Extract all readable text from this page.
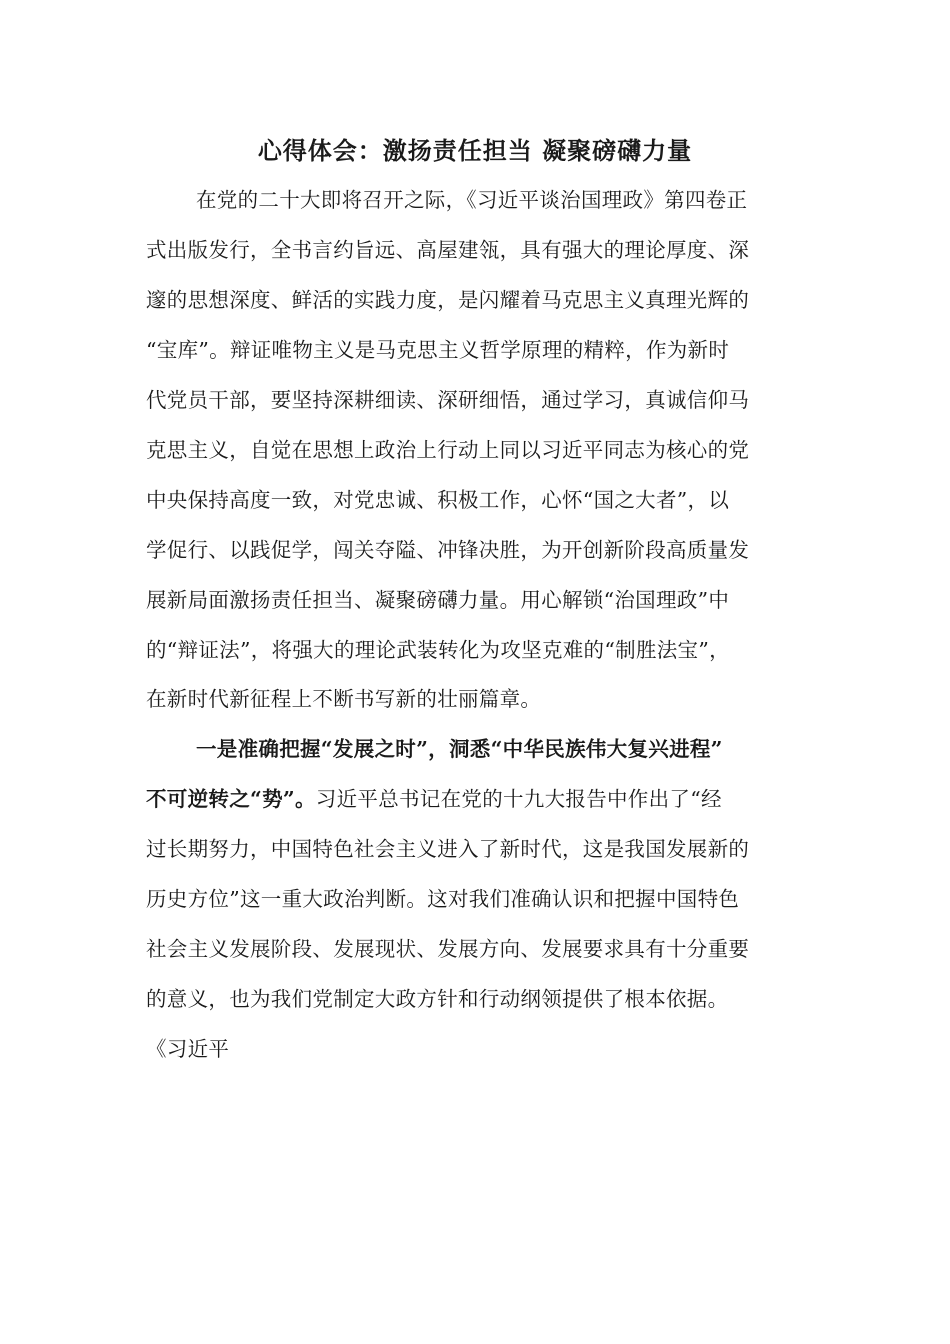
心得体会：激扬责任担当 凝聚磅礴力量

在党的二十大即将召开之际，《习近平谈治国理政》第四卷正

式出版发行，全书言约旨远、高屋建瓴，具有强大的理论厚度、深

邃的思想深度、鲜活的实践力度，是闪耀着马克思主义真理光辉的

“宝库”。辩证唯物主义是马克思主义哲学原理的精粹，作为新时

代党员干部，要坚持深耕细读、深研细悟，通过学习，真诚信仰马

克思主义，自觉在思想上政治上行动上同以习近平同志为核心的党

中央保持高度一致，对党忠诚、积极工作，心怀“国之大者”，以

学促行、以践促学，闯关夺隘、冲锋决胜，为开创新阶段高质量发

展新局面激扬责任担当、凝聚磅礴力量。用心解锁“治国理政”中

的“辩证法”，将强大的理论武装转化为攻坚克难的“制胜法宝”，

在新时代新征程上不断书写新的壮丽篇章。

一是准确把握“发展之时”，洞悉“中华民族伟大复兴进程”

不可逆转之“势”。习近平总书记在党的十九大报告中作出了“经

过长期努力，中国特色社会主义进入了新时代，这是我国发展新的

历史方位”这一重大政治判断。这对我们准确认识和把握中国特色

社会主义发展阶段、发展现状、发展方向、发展要求具有十分重要

的意义，也为我们党制定大政方针和行动纲领提供了根本依据。

《习近平
